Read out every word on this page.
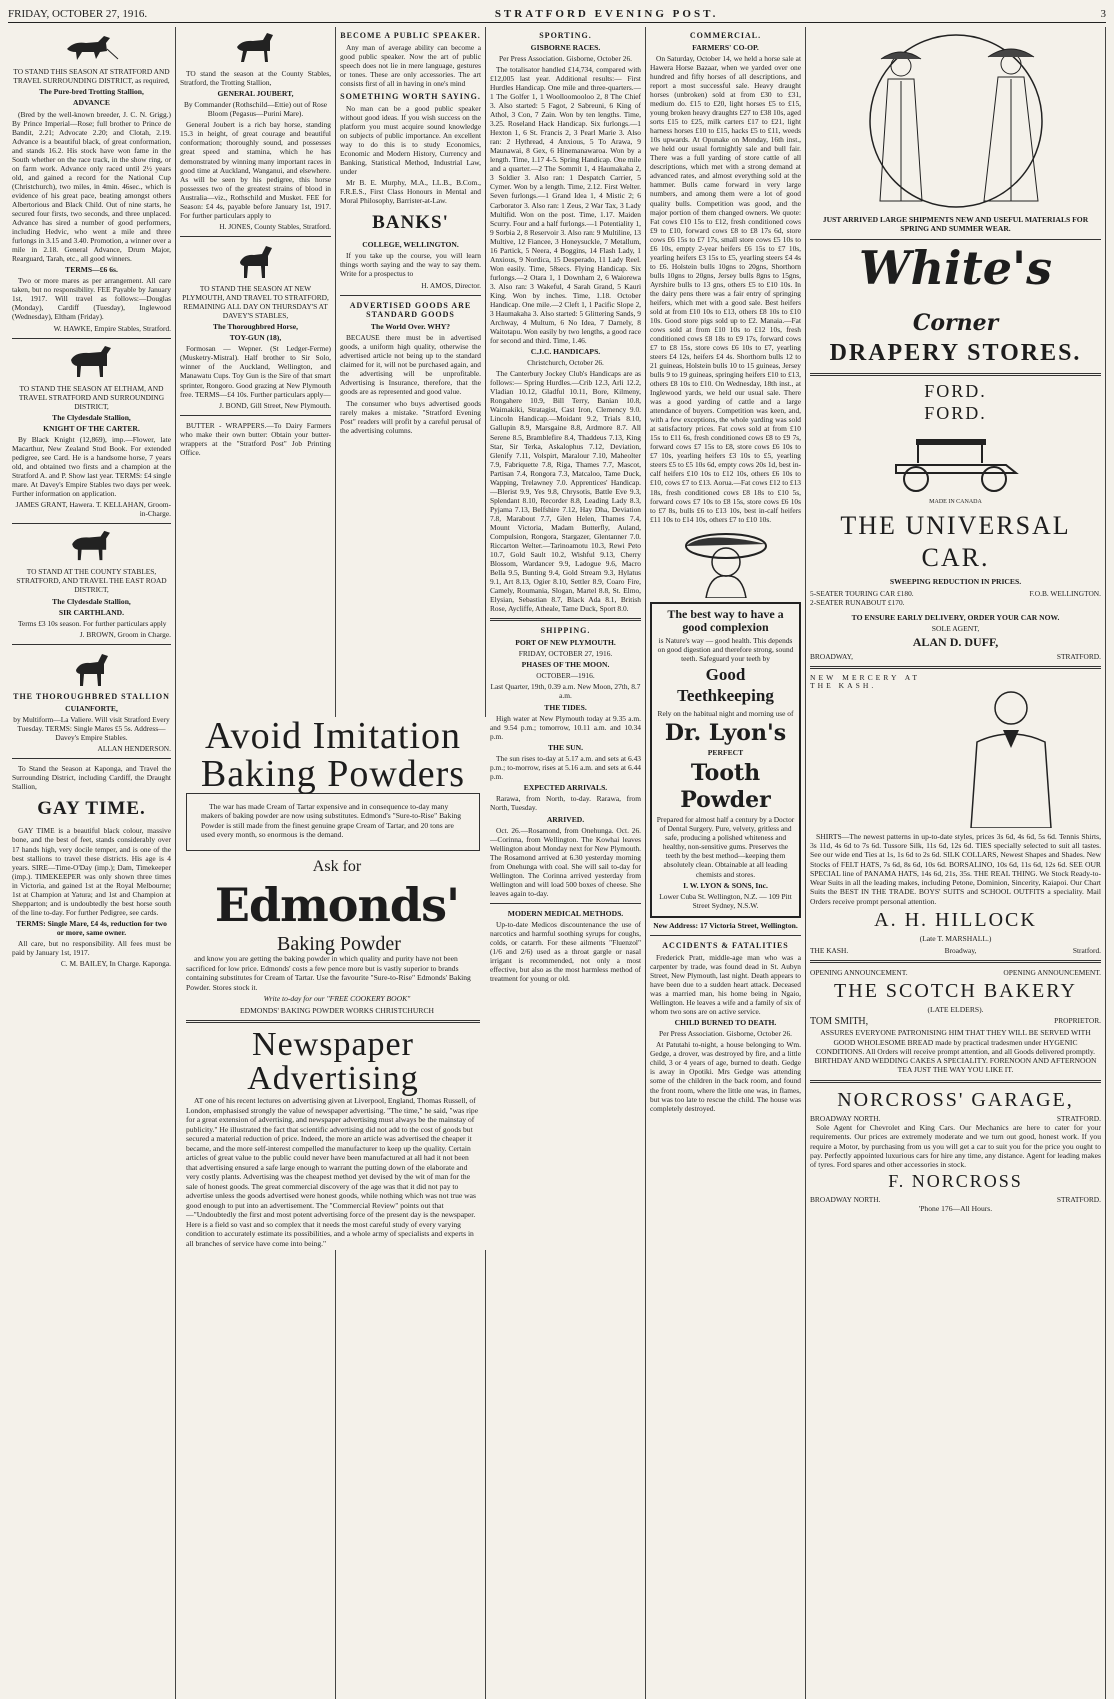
FRIDAY, OCTOBER 27, 1916.	STRATFORD EVENING POST.	3

TO STAND THIS SEASON AT STRATFORD AND TRAVEL SURROUNDING DISTRICT, as required,

The Pure-bred Trotting Stallion,

ADVANCE

(Bred by the well-known breeder, J. C. N. Grigg.) By Prince Imperial—Rose; full brother to Prince de Bandit, 2.21; Advocate 2.20; and Clotah, 2.19. Advance is a beautiful black, of great conformation, and stands 16.2. His stock have won fame in the South whether on the race track, in the show ring, or on farm work. Advance only raced until 2½ years old, and gained a record for the National Cup (Christchurch), two miles, in 4min. 46sec., which is evidence of his great pace, beating amongst others Albertorious and Black Child. Out of nine starts, he secured four firsts, two seconds, and three unplaced. Advance has sired a number of good performers, including Hedvic, who went a mile and three furlongs in 3.15 and 3.40. Promotion, a winner over a mile in 2.18. General Advance, Drum Major, Rearguard, Tarah, etc., all good winners.

TERMS—£6 6s.

Two or more mares as per arrangement. All care taken, but no responsibility. FEE Payable by January 1st, 1917. Will travel as follows:—Douglas (Monday), Cardiff (Tuesday), Inglewood (Wednesday), Eltham (Friday).

W. HAWKE, Empire Stables, Stratford.

TO STAND THE SEASON AT ELTHAM, AND TRAVEL STRATFORD AND SURROUNDING DISTRICT,

The Clydesdale Stallion,

KNIGHT OF THE CARTER.

By Black Knight (12,869), imp.—Flower, late Macarthur, New Zealand Stud Book. For extended pedigree, see Card. He is a handsome horse, 7 years old, and obtained two firsts and a champion at the Stratford A. and P. Show last year. TERMS: £4 single mare. At Davey's Empire Stables two days per week. Further information on application.

JAMES GRANT, Hawera. T. KELLAHAN, Groom-in-Charge.

TO STAND AT THE COUNTY STABLES, STRATFORD, AND TRAVEL THE EAST ROAD DISTRICT,

The Clydesdale Stallion,

SIR CARTHLAND.

Terms £3 10s season. For further particulars apply

J. BROWN, Groom in Charge.

THE THOROUGHBRED STALLION

CUIANFORTE,

by Multiform—La Valiere. Will visit Stratford Every Tuesday. TERMS: Single Mares £5 5s. Address—Davey's Empire Stables.

ALLAN HENDERSON.

To Stand the Season at Kaponga, and Travel the Surrounding District, including Cardiff, the Draught Stallion,

GAY TIME.

GAY TIME is a beautiful black colour, massive bone, and the best of feet, stands considerably over 17 hands high, very docile temper, and is one of the best stallions to travel these districts. His age is 4 years. SIRE—Time-O'Day (imp.); Dam, Timekeeper (imp.). TIMEKEEPER was only shown three times in Victoria, and gained 1st at the Royal Melbourne; 1st at Champion at Yatura; and 1st and Champion at Shepparton; and is undoubtedly the best horse south of the line to-day. For further Pedigree, see cards.

TERMS: Single Mare, £4 4s, reduction for two or more, same owner.

All care, but no responsibility. All fees must be paid by January 1st, 1917.

C. M. BAILEY, In Charge. Kaponga.

TO stand the season at the County Stables, Stratford, the Trotting Stallion,

GENERAL JOUBERT,

By Commander (Rothschild—Ettie) out of Rose Bloom (Pegasus—Purini Mare).

General Joubert is a rich bay horse, standing 15.3 in height, of great courage and beautiful conformation; thoroughly sound, and possesses great speed and stamina, which he has demonstrated by winning many important races in good time at Auckland, Wanganui, and elsewhere. As will be seen by his pedigree, this horse possesses two of the greatest strains of blood in Australia—viz., Rothschild and Musket. FEE for Season: £4 4s, payable before January 1st, 1917. For further particulars apply to

H. JONES, County Stables, Stratford.

TO STAND THE SEASON AT NEW PLYMOUTH, AND TRAVEL TO STRATFORD, REMAINING ALL DAY ON THURSDAY'S AT DAVEY'S STABLES,

The Thoroughbred Horse,

TOY-GUN (18),

Formosan — Wepner. (St Ledger-Ferme) (Musketry-Mistral). Half brother to Sir Solo, winner of the Auckland, Wellington, and Manawatu Cups. Toy Gun is the Sire of that smart sprinter, Rongoro. Good grazing at New Plymouth free. TERMS—£4 10s. Further particulars apply—

J. BOND, Gill Street, New Plymouth.

BUTTER - WRAPPERS.—To Dairy Farmers who make their own butter: Obtain your butter-wrappers at the "Stratford Post" Job Printing Office.

BECOME A PUBLIC SPEAKER.

Any man of average ability can become a good public speaker. Now the art of public speech does not lie in mere language, gestures or tones. These are only accessories. The art consists first of all in having in one's mind

SOMETHING WORTH SAYING.

No man can be a good public speaker without good ideas. If you wish success on the platform you must acquire sound knowledge on subjects of public importance. An excellent way to do this is to study Economics, Economic and Modern History, Currency and Banking, Statistical Method, Industrial Law, under

Mr B. E. Murphy, M.A., LL.B., B.Com., F.R.E.S., First Class Honours in Mental and Moral Philosophy, Barrister-at-Law.

BANKS'

COLLEGE, WELLINGTON.

If you take up the course, you will learn things worth saying and the way to say them. Write for a prospectus to

H. AMOS, Director.

ADVERTISED GOODS ARE STANDARD GOODS

The World Over. WHY?

BECAUSE there must be in advertised goods, a uniform high quality, otherwise the advertised article not being up to the standard claimed for it, will not be purchased again, and the advertising will be unprofitable. Advertising is Insurance, therefore, that the goods are as represented and good value.

The consumer who buys advertised goods rarely makes a mistake. "Stratford Evening Post" readers will profit by a careful perusal of the advertising columns.

SPORTING.

GISBORNE RACES.

Per Press Association. Gisborne, October 26.

The totalisator handled £14,734, compared with £12,005 last year. Additional results:— First Hurdles Handicap. One mile and three-quarters.—1 The Golfer 1, 1 Woolloomooloo 2, 8 The Chief 3. Also started: 5 Fagot, 2 Sabreuni, 6 King of Athol, 3 Con, 7 Zain. Won by ten lengths. Time, 3.25. Roseland Hack Handicap. Six furlongs.—1 Hexton 1, 6 St. Francis 2, 3 Pearl Marie 3. Also ran: 2 Hythread, 4 Anxious, 5 To Arawa, 9 Maunawai, 8 Gex, 6 Hinemanawaroa. Won by a length. Time, 1.17 4-5. Spring Handicap. One mile and a quarter.—2 The Sommit 1, 4 Haumakaha 2, 3 Soldier 3. Also ran: 1 Despatch Carrier, 5 Cymer. Won by a length. Time, 2.12. First Welter. Seven furlongs.—1 Grand Idea 1, 4 Mistic 2; 6 Carborator 3. Also ran: 1 Zeus, 2 War Tax, 3 Lady Multifid. Won on the post. Time, 1.17. Maiden Scurry. Four and a half furlongs.—1 Potentiality 1, 9 Sorbia 2, 8 Reservoir 3. Also ran: 9 Multiline, 13 Multive, 12 Fiancee, 3 Honeysuckle, 7 Metallum, 16 Partick, 5 Neera, 4 Boggins, 14 Flash Lady, 1 Anxious, 9 Nordica, 15 Desperado, 11 Lady Reel. Won easily. Time, 58secs. Flying Handicap. Six furlongs.—2 Otara 1, 1 Downham 2, 6 Waiorewa 3. Also ran: 3 Wakeful, 4 Sarah Grand, 5 Kauri King. Won by inches. Time, 1.18. October Handicap. One mile.—2 Cleft 1, 1 Pacific Slope 2, 3 Haumakaha 3. Also started: 5 Glittering Sands, 9 Archway, 4 Multum, 6 No Idea, 7 Darnely, 8 Waitotapu. Won easily by two lengths, a good race for second and third. Time, 1.46.

C.J.C. HANDICAPS.

Christchurch, October 26.

The Canterbury Jockey Club's Handicaps are as follows:— Spring Hurdles.—Crib 12.3, Arli 12.2, Vladian 10.12, Gladful 10.11, Bore, Kilmeny, Rongahere 10.9, Bill Terry, Banian 10.8, Waimakiki, Stratagist, Cast Iron, Clemency 9.0. Lincoln Handicap.—Moidant 9.2, Trials 8.10, Gallupin 8.9, Marsgaine 8.8, Ardmore 8.7. All Serene 8.5, Bramblefire 8.4, Thaddeus 7.13, King Star, Sir Terka, Askalophus 7.12, Deviation, Glenify 7.11, Volspirt, Maralour 7.10, Maheolter 7.9, Fabriquette 7.8, Riga, Thames 7.7, Mascot, Partisan 7.4, Rongora 7.3, Matcaloo, Tame Duck, Wapping, Trelawney 7.0. Apprentices' Handicap.—Blerist 9.9, Yes 9.8, Chrysotis, Battle Eve 9.3, Splendant 8.10, Recorder 8.8, Leading Lady 8.3, Pyjama 7.13, Belfshire 7.12, Hay Dha, Deviation 7.8, Marabout 7.7, Glen Helen, Thames 7.4, Mount Victoria, Madam Butterfly, Auland, Compulsion, Rongora, Stargazer, Glentanner 7.0. Riccarton Welter.—Tarinoamotu 10.3, Rewi Peto 10.7, Gold Sault 10.2, Wishful 9.13, Cherry Blossom, Wardancer 9.9, Ladogue 9.6, Macro Bella 9.5, Bunting 9.4, Gold Stream 9.3, Hylatus 9.1, Art 8.13, Ogier 8.10, Settler 8.9, Coaro Fire, Camely, Roumania, Slogan, Martel 8.8, St. Elmo, Elysian, Sebastian 8.7, Black Ada 8.1, British Rose, Aycliffe, Atheale, Tame Duck, Sport 8.0.

SHIPPING.

PORT OF NEW PLYMOUTH.

FRIDAY, OCTOBER 27, 1916.

PHASES OF THE MOON.

OCTOBER—1916.

Last Quarter, 19th, 0.39 a.m. New Moon, 27th, 8.7 a.m.

THE TIDES.

High water at New Plymouth today at 9.35 a.m. and 9.54 p.m.; tomorrow, 10.11 a.m. and 10.34 p.m.

THE SUN.

The sun rises to-day at 5.17 a.m. and sets at 6.43 p.m.; to-morrow, rises at 5.16 a.m. and sets at 6.44 p.m.

EXPECTED ARRIVALS.

Rarawa, from North, to-day. Rarawa, from North, Tuesday.

ARRIVED.

Oct. 26.—Rosamond, from Onehunga. Oct. 26.—Corinna, from Wellington. The Kowhai leaves Wellington about Monday next for New Plymouth. The Rosamond arrived at 6.30 yesterday morning from Onehunga with coal. She will sail to-day for Wellington. The Corinna arrived yesterday from Wellington and will load 500 boxes of cheese. She leaves again to-day.

MODERN MEDICAL METHODS.

Up-to-date Medicos discountenance the use of narcotics and harmful soothing syrups for coughs, colds, or catarrh. For these ailments "Fluenzol" (1/6 and 2/6) used as a throat gargle or nasal irrigant is recommended, not only a most effective, but also as the most harmless method of treatment for young or old.

COMMERCIAL.

FARMERS' CO-OP.

On Saturday, October 14, we held a horse sale at Hawera Horse Bazaar, when we yarded over one hundred and fifty horses of all descriptions, and report a most successful sale. Heavy draught horses (unbroken) sold at from £30 to £31, medium do. £15 to £20, light horses £5 to £15, young broken heavy draughts £27 to £38 10s, aged sorts £15 to £25, milk carters £17 to £21, light harness horses £10 to £15, hacks £5 to £11, weeds 10s upwards. At Opunake on Monday, 16th inst., we held our usual fortnightly sale and bull fair. There was a full yarding of store cattle of all descriptions, which met with a strong demand at advanced rates, and almost everything sold at the hammer. Bulls came forward in very large numbers, and among them were a lot of good quality bulls. Competition was good, and the major portion of them changed owners. We quote: Fat cows £10 15s to £12, fresh conditioned cows £9 to £10, forward cows £8 to £8 17s 6d, store cows £6 15s to £7 17s, small store cows £5 10s to £6 10s, empty 2-year heifers £6 15s to £7 10s, yearling heifers £3 15s to £5, yearling steers £4 4s to £6. Holstein bulls 10gns to 20gns, Shorthorn bulls 10gns to 20gns, Jersey bulls 8gns to 15gns, Ayrshire bulls to 13 gns, others £5 to £10 10s. In the dairy pens there was a fair entry of springing heifers, which met with a good sale. Best heifers sold at from £10 10s to £13, others £8 10s to £10 10s. Good store pigs sold up to £2. Manaia.—Fat cows sold at from £10 10s to £12 10s, fresh conditioned cows £8 18s to £9 17s, forward cows £7 to £8 15s, store cows £6 10s to £7, yearling steers £4 12s, heifers £4 4s. Shorthorn bulls 12 to 21 guineas, Holstein bulls 10 to 15 guineas, Jersey bulls 9 to 19 guineas, springing heifers £10 to £13, others £8 10s to £10. On Wednesday, 18th inst., at Inglewood yards, we held our usual sale. There was a good yarding of cattle and a large attendance of buyers. Competition was keen, and, with a few exceptions, the whole yarding was sold at satisfactory prices. Fat cows sold at from £10 15s to £11 6s, fresh conditioned cows £8 to £9 7s, forward cows £7 15s to £8, store cows £6 10s to £7 10s, yearling heifers £3 10s to £5, yearling steers £5 to £5 10s 6d, empty cows 20s 1d, best in-calf heifers £10 10s to £12 10s, others £6 10s to £10, cows £7 to £13. Aorua.—Fat cows £12 to £13 18s, fresh conditioned cows £8 18s to £10 5s, forward cows £7 10s to £8 15s, store cows £6 10s to £7 8s, bulls £6 to £13 10s, best in-calf heifers £11 10s to £14 10s, others £7 to £10 10s.

The best way to have a good complexion

is Nature's way — good health. This depends on good digestion and therefore strong, sound teeth. Safeguard your teeth by

Good Teethkeeping

Rely on the habitual night and morning use of

Dr. Lyon's

PERFECT

Tooth Powder

Prepared for almost half a century by a Doctor of Dental Surgery. Pure, velvety, gritless and safe, producing a polished whiteness and healthy, non-sensitive gums. Preserves the teeth by the best method—keeping them absolutely clean. Obtainable at all leading chemists and stores.

I. W. LYON & SONS, Inc.

Lower Cuba St. Wellington, N.Z. — 109 Pitt Street Sydney, N.S.W.

New Address: 17 Victoria Street, Wellington.

ACCIDENTS & FATALITIES

Frederick Pratt, middle-age man who was a carpenter by trade, was found dead in St. Aubyn Street, New Plymouth, last night. Death appears to have been due to a sudden heart attack. Deceased was a married man, his home being in Ngaio, Wellington. He leaves a wife and a family of six of whom two sons are on active service.

CHILD BURNED TO DEATH.

Per Press Association. Gisborne, October 26.

At Patutahi to-night, a house belonging to Wm. Gedge, a drover, was destroyed by fire, and a little child, 3 or 4 years of age, burned to death. Gedge is away in Opotiki. Mrs Gedge was attending some of the children in the back room, and found the front room, where the little one was, in flames, but was too late to rescue the child. The house was completely destroyed.

JUST ARRIVED LARGE SHIPMENTS NEW AND USEFUL MATERIALS FOR SPRING AND SUMMER WEAR.

White's Corner

DRAPERY STORES.

FORD.

FORD.

MADE IN CANADA

THE UNIVERSAL CAR.

SWEEPING REDUCTION IN PRICES.

5-SEATER TOURING CAR £180.	F.O.B. WELLINGTON.
2-SEATER RUNABOUT £170.

TO ENSURE EARLY DELIVERY, ORDER YOUR CAR NOW.

SOLE AGENT,

ALAN D. DUFF,

BROADWAY,	STRATFORD.

NEW MERCERY AT THE KASH.

SHIRTS—The newest patterns in up-to-date styles, prices 3s 6d, 4s 6d, 5s 6d. Tennis Shirts, 3s 11d, 4s 6d to 7s 6d. Tussore Silk, 11s 6d, 12s 6d. TIES specially selected to suit all tastes. See our wide end Ties at 1s, 1s 6d to 2s 6d. SILK COLLARS, Newest Shapes and Shades. New Stocks of FELT HATS, 7s 6d, 8s 6d, 10s 6d. BORSALINO, 10s 6d, 11s 6d, 12s 6d. SEE OUR SPECIAL line of PANAMA HATS, 14s 6d, 21s, 35s. THE REAL THING. We Stock Ready-to-Wear Suits in all the leading makes, including Petone, Dominion, Sincerity, Kaiapoi. Our Chart Suits the BEST IN THE TRADE. BOYS' SUITS and SCHOOL OUTFITS a speciality. Mail Orders receive prompt personal attention.

A. H. HILLOCK

(Late T. MARSHALL.)

THE KASH.	Broadway,	Stratford.
OPENING ANNOUNCEMENT.	OPENING ANNOUNCEMENT.

THE SCOTCH BAKERY

(LATE ELDERS).

TOM SMITH,	PROPRIETOR.

ASSURES EVERYONE PATRONISING HIM THAT THEY WILL BE SERVED WITH GOOD WHOLESOME BREAD made by practical tradesmen under HYGENIC CONDITIONS. All Orders will receive prompt attention, and all Goods delivered promptly. BIRTHDAY AND WEDDING CAKES A SPECIALITY. FORENOON AND AFTERNOON TEA JUST THE WAY YOU LIKE IT.

NORCROSS' GARAGE,

BROADWAY NORTH.	STRATFORD.

Sole Agent for Chevrolet and King Cars. Our Mechanics are here to cater for your requirements. Our prices are extremely moderate and we turn out good, honest work. If you require a Motor, by purchasing from us you will get a car to suit you for the price you ought to pay. Perfectly appointed luxurious cars for hire any time, any distance. Agent for leading makes of tyres. Ford spares and other accessories in stock.

F. NORCROSS

BROADWAY NORTH.	STRATFORD.

'Phone 176—All Hours.

Avoid Imitation Baking Powders

The war has made Cream of Tartar expensive and in consequence to-day many makers of baking powder are now using substitutes. Edmond's "Sure-to-Rise" Baking Powder is still made from the finest genuine grape Cream of Tartar, and 20 tons are used every month, so enormous is the demand.

Ask for

Edmonds'Baking Powder

and know you are getting the baking powder in which quality and purity have not been sacrificed for low price. Edmonds' costs a few pence more but is vastly superior to brands containing substitutes for Cream of Tartar. Use the favourite "Sure-to-Rise" Edmonds' Baking Powder. Stores stock it.

Write to-day for our "FREE COOKERY BOOK"

EDMONDS' BAKING POWDER WORKS CHRISTCHURCH

Newspaper Advertising

AT one of his recent lectures on advertising given at Liverpool, England, Thomas Russell, of London, emphasised strongly the value of newspaper advertising. "The time," he said, "was ripe for a great extension of advertising, and newspaper advertising must always be the mainstay of publicity." He illustrated the fact that scientific advertising did not add to the cost of goods but secured a material reduction of price. Indeed, the more an article was advertised the cheaper it became, and the more self-interest compelled the manufacturer to keep up the quality. Certain articles of great value to the public could never have been manufactured at all had it not been that advertising ensured a safe large enough to warrant the putting down of the elaborate and very costly plants. Advertising was the cheapest method yet devised by the wit of man for the sale of honest goods. The great commercial discovery of the age was that it did not pay to advertise unless the goods advertised were honest goods, while nothing which was not true was good enough to put into an advertisement. The "Commercial Review" points out that—"Undoubtedly the first and most potent advertising force of the present day is the newspaper. Here is a field so vast and so complex that it needs the most careful study of every varying condition to accurately estimate its possibilities, and a whole army of specialists and experts in all branches of service have come into being."
